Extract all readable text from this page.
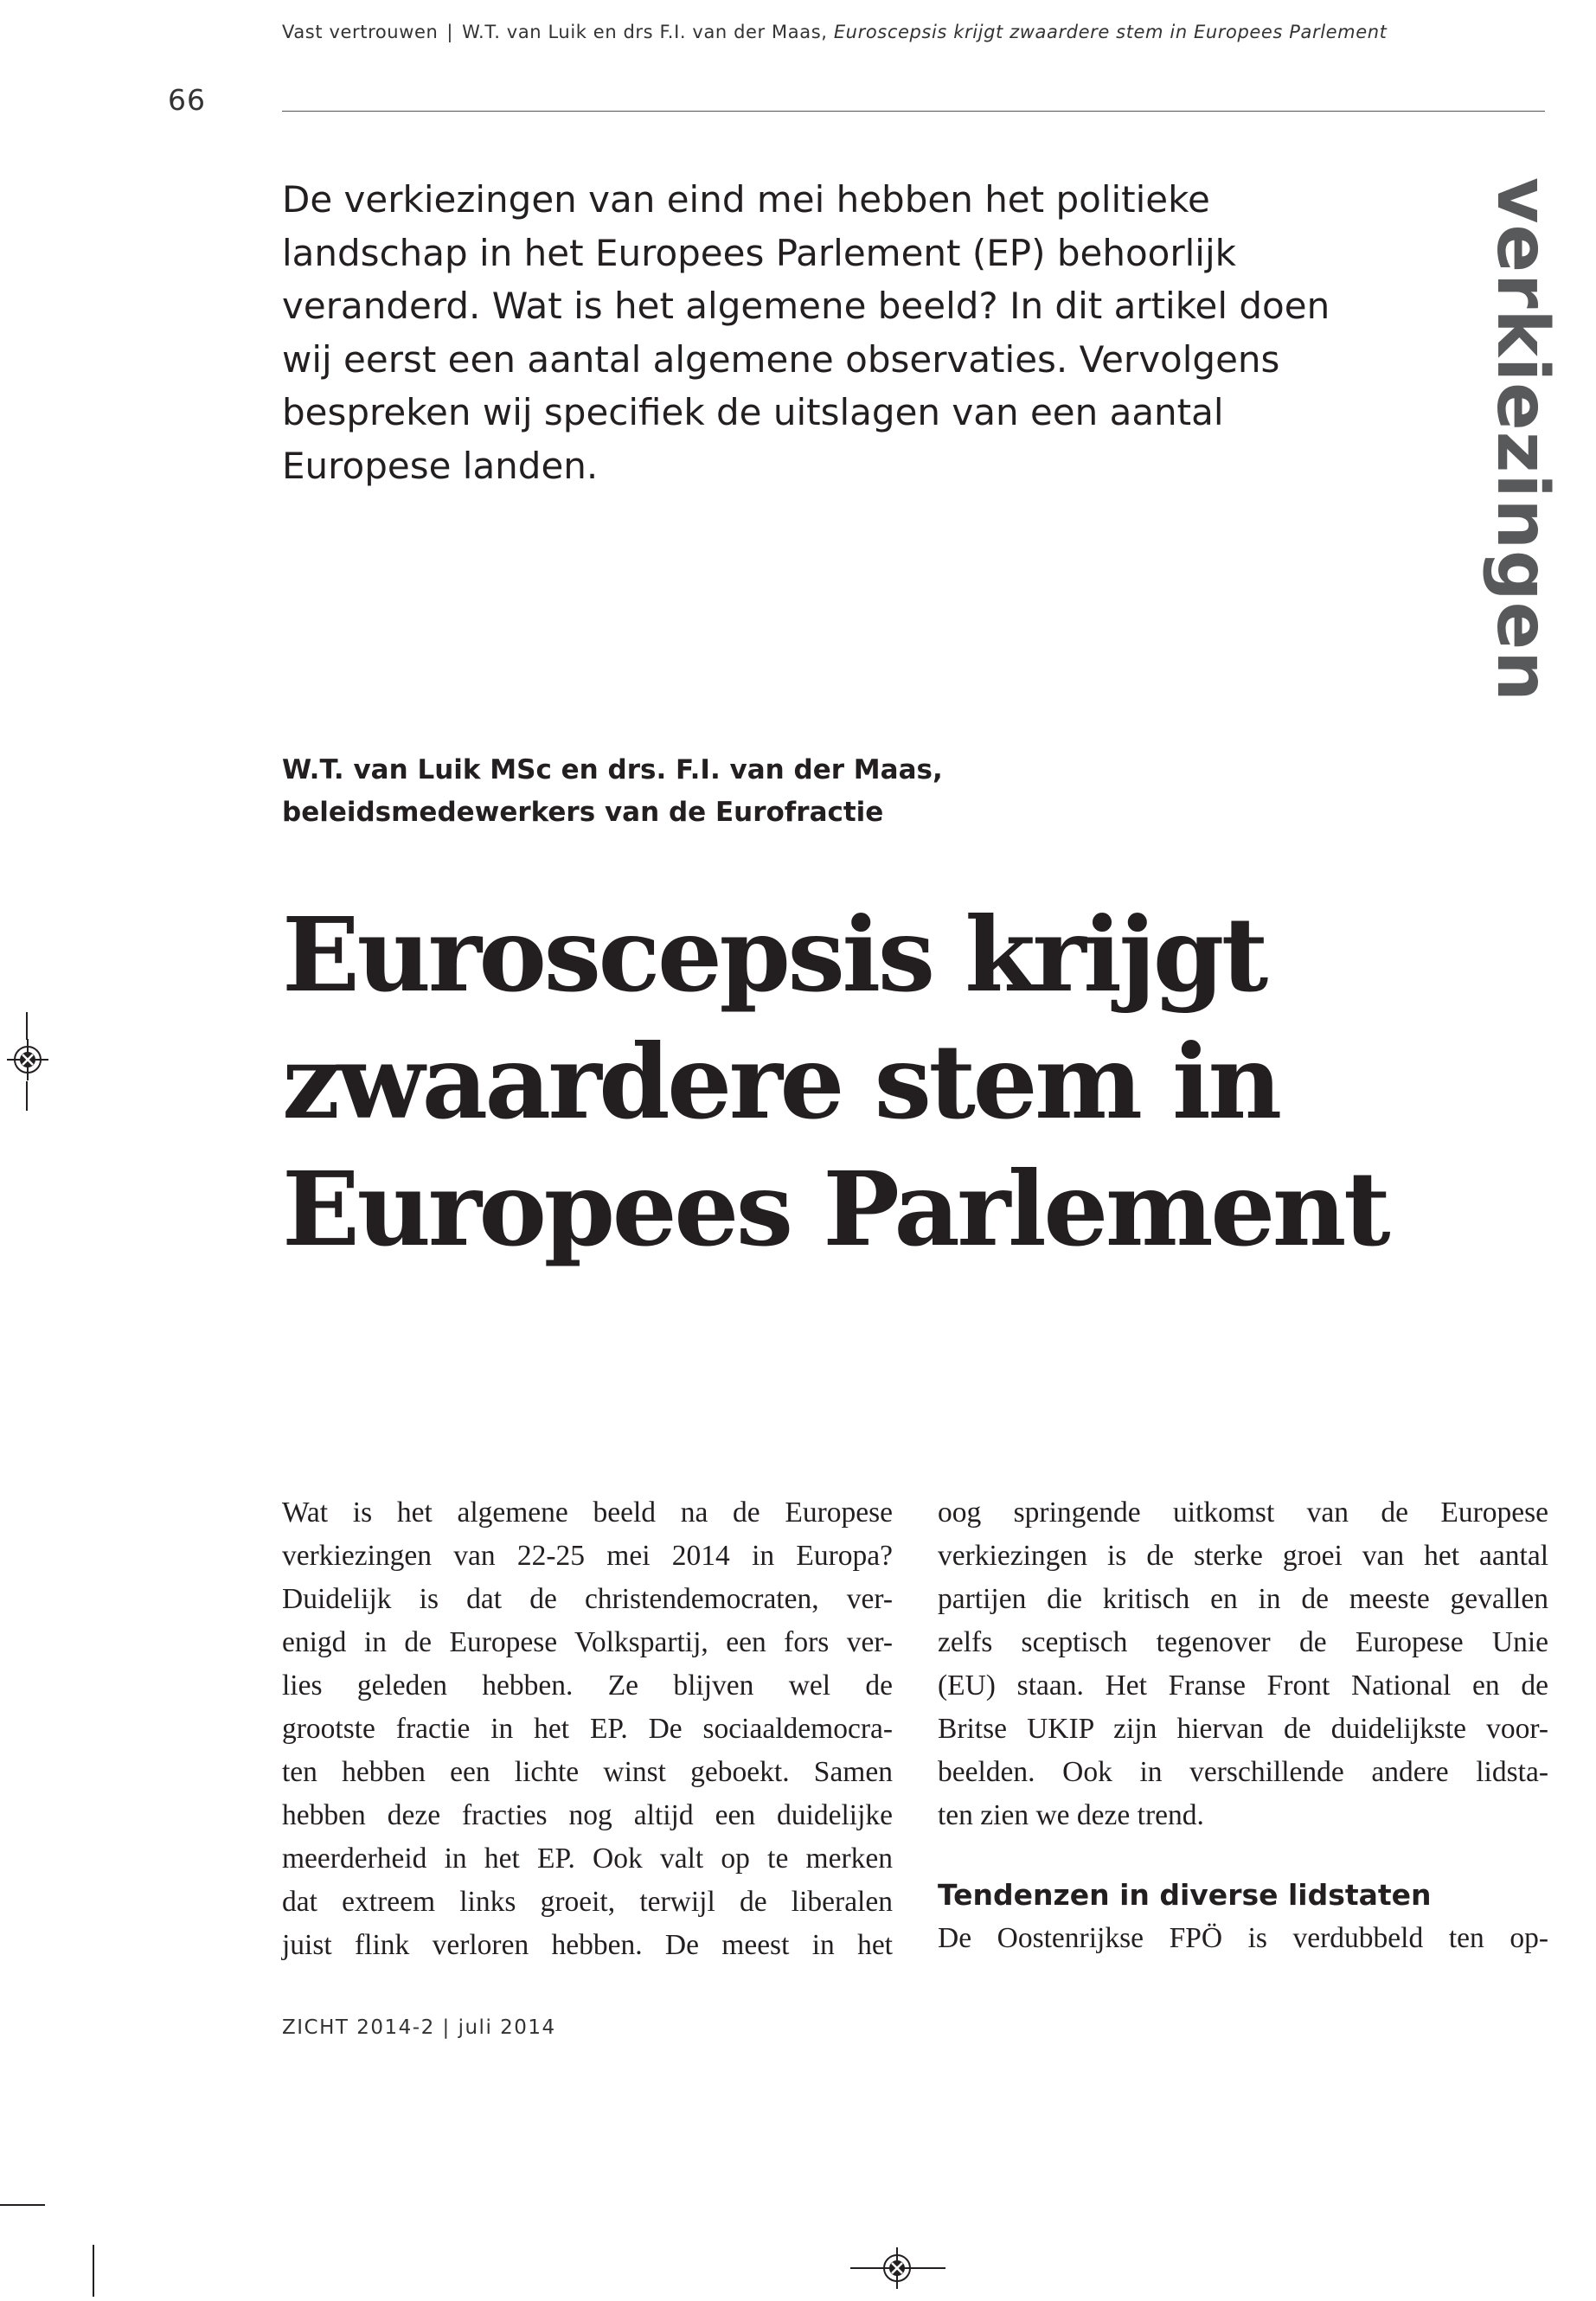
Vast vertrouwen | W.T. van Luik en drs F.I. van der Maas, Euroscepsis krijgt zwaardere stem in Europees Parlement
66
De verkiezingen van eind mei hebben het politieke
landschap in het Europees Parlement (EP) behoorlijk
veranderd. Wat is het algemene beeld? In dit artikel doen
wij eerst een aantal algemene observaties. Vervolgens
bespreken wij specifiek de uitslagen van een aantal
Europese landen.	verkiezingen
W.T. van Luik MSc en drs. F.I. van der Maas,
beleidsmedewerkers van de Eurofractie
Euroscepsis krijgt
zwaardere stem in
Europees Parlement
Wat is het algemene beeld na de Europese
verkiezingen van 22-25 mei 2014 in Europa?
Duidelijk is dat de christendemocraten, ver-
enigd in de Europese Volkspartij, een fors ver-
lies geleden hebben. Ze blijven wel de
grootste fractie in het EP. De sociaaldemocra-
ten hebben een lichte winst geboekt. Samen
hebben deze fracties nog altijd een duidelijke
meerderheid in het EP. Ook valt op te merken
dat extreem links groeit, terwijl de liberalen
juist flink verloren hebben. De meest in het
oog springende uitkomst van de Europese
verkiezingen is de sterke groei van het aantal
partijen die kritisch en in de meeste gevallen
zelfs sceptisch tegenover de Europese Unie
(EU) staan. Het Franse Front National en de
Britse UKIP zijn hiervan de duidelijkste voor-
beelden. Ook in verschillende andere lidsta-
ten zien we deze trend.
Tendenzen in diverse lidstaten
De Oostenrijkse FPÖ is verdubbeld ten op-
ZICHT 2014-2 | juli 2014
